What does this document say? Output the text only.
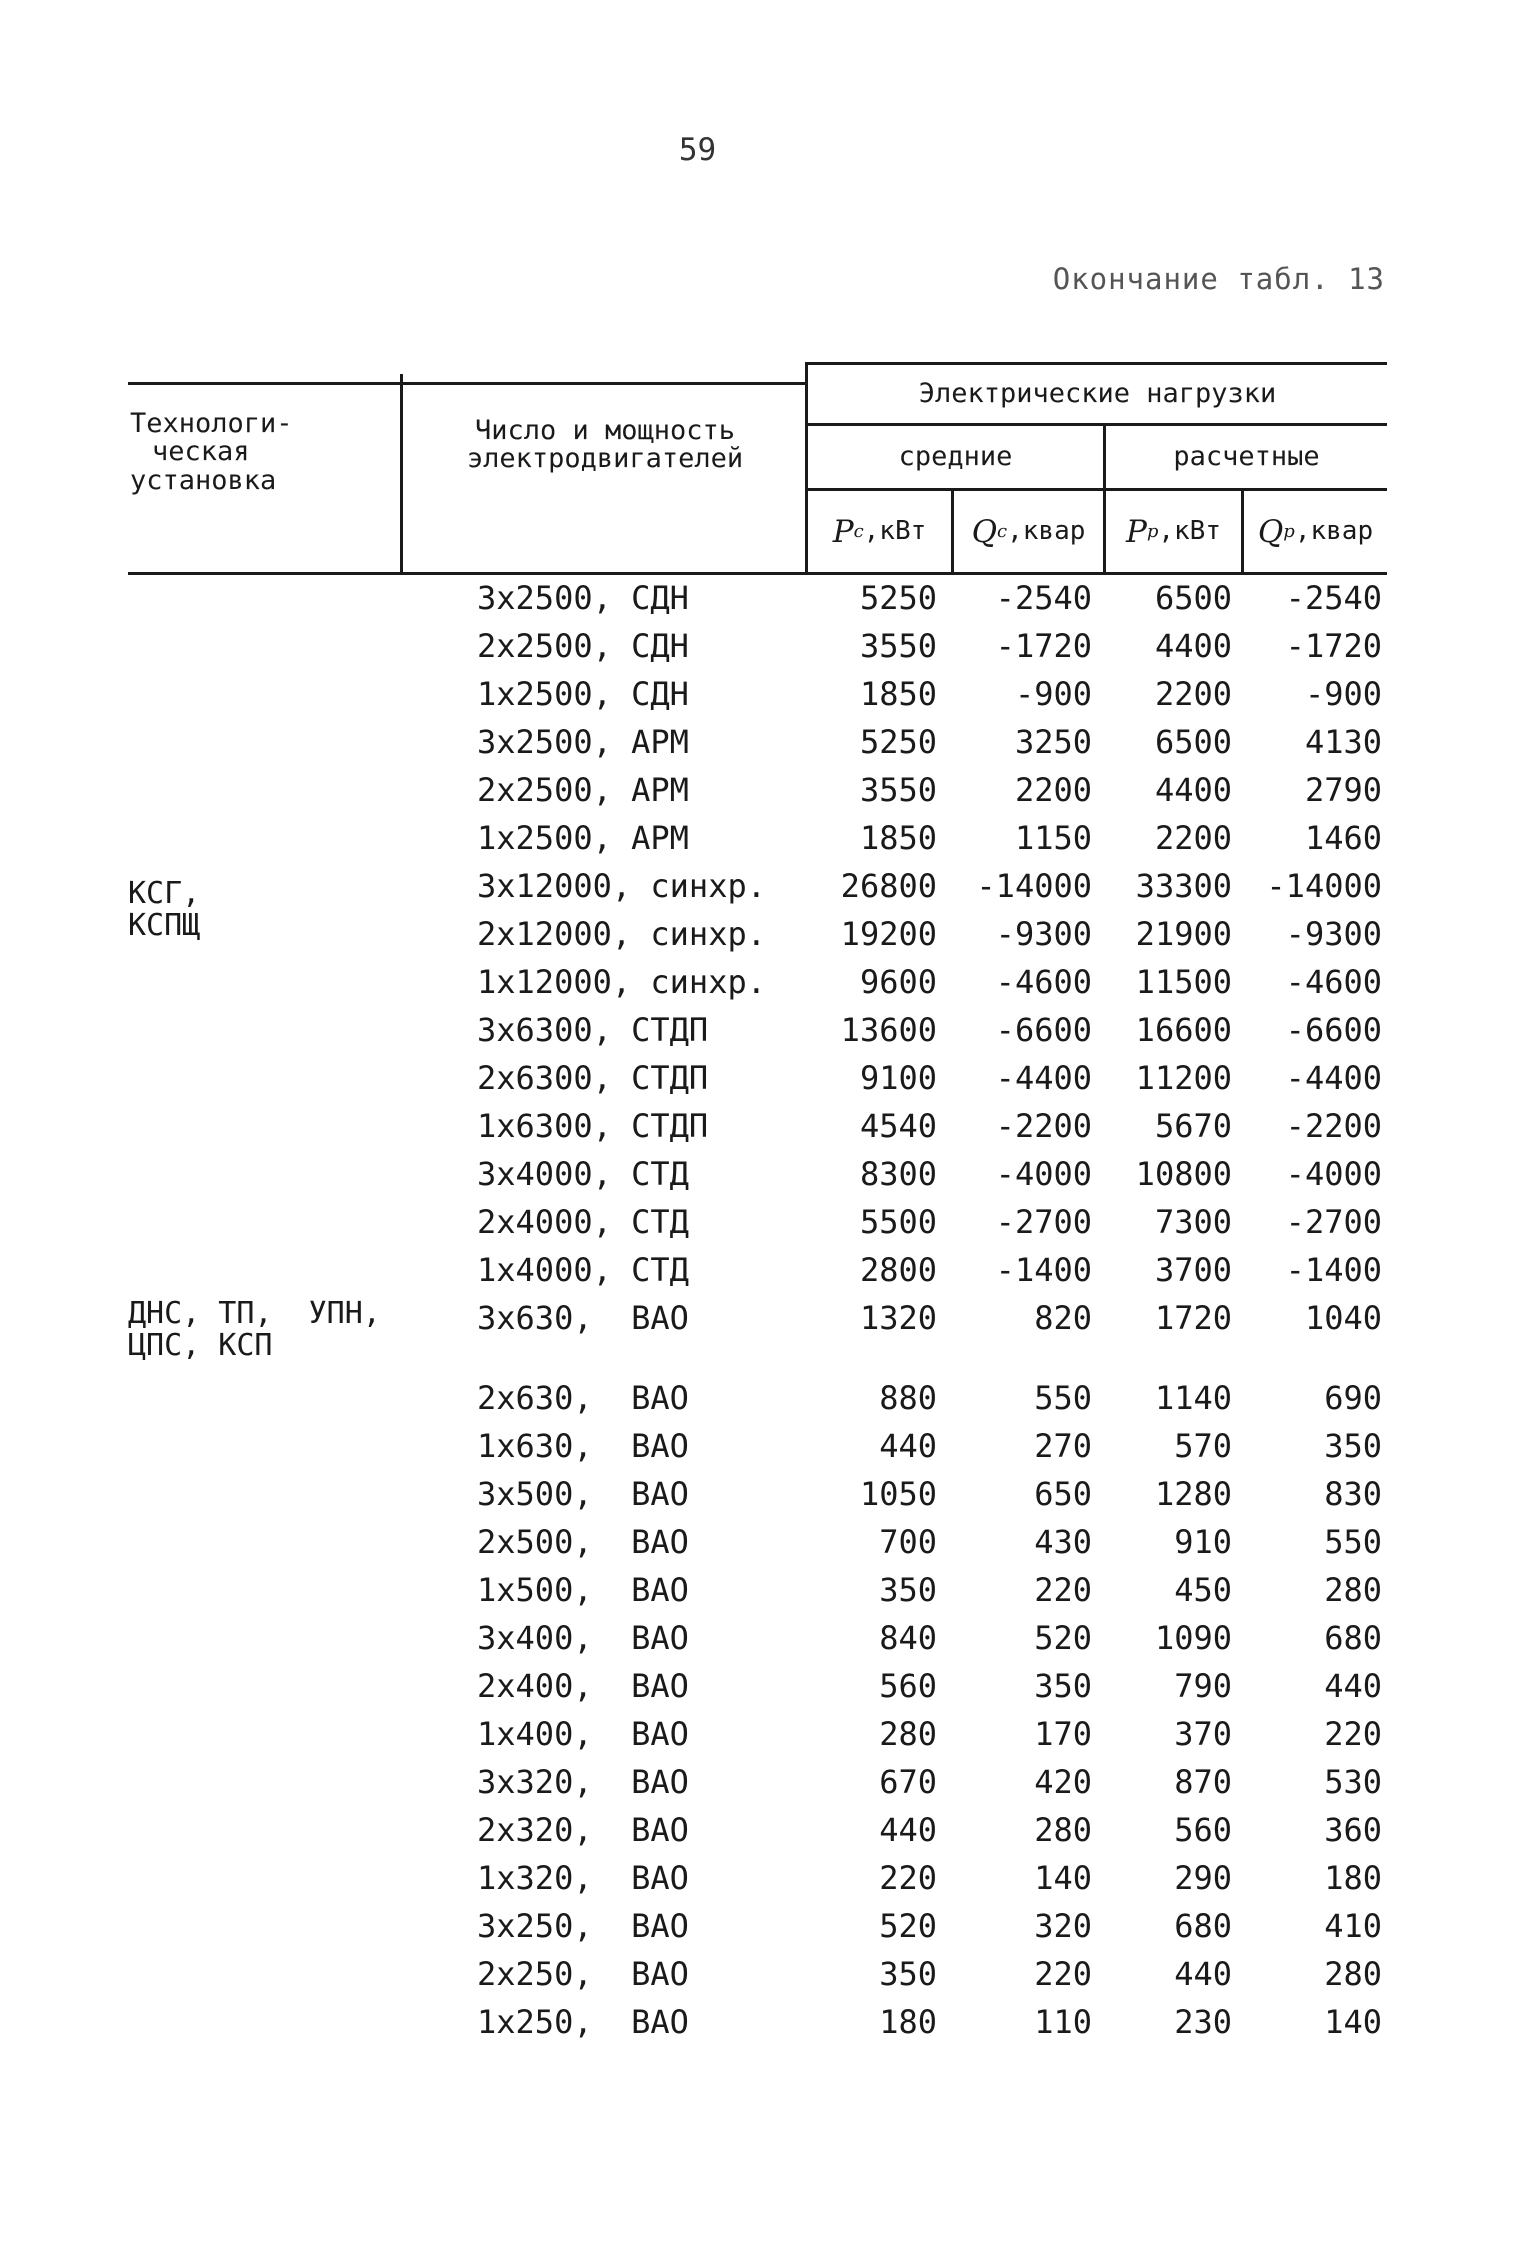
59
Окончание табл. 13
Технологи-
ческая
установка
Число и мощность
электродвигателей
Электрические нагрузки
средние	расчетные
P c ,кВт Q c ,квар P p ,кВт Q p ,квар
КСГ,
КСПЩ
ДНС, ТП,  УПН,
ЦПС, КСП
3x2500, СДН	5250 -2540 6500 -2540
2x2500, СДН	3550 -1720 4400 -1720
1x2500, СДН	1850 -900 2200 -900
3x2500, АРМ	5250 3250 6500 4130
2x2500, АРМ	3550 2200 4400 2790
1x2500, АРМ	1850 1150 2200 1460
3x12000, синхр. 26800 -14000 33300 -14000
2x12000, синхр. 19200 -9300 21900 -9300
1x12000, синхр.	9600 -4600 11500 -4600
3x6300, СТДП	13600 -6600 16600 -6600
2x6300, СТДП	9100 -4400 11200 -4400
1x6300, СТДП	4540 -2200 5670 -2200
3x4000, СТД	8300 -4000 10800 -4000
2x4000, СТД	5500 -2700 7300 -2700
1x4000, СТД	2800 -1400 3700 -1400
3x630,  ВАО	1320	820 1720 1040
2x630,  ВАО	880	550 1140	690
1x630,  ВАО	440	270	570	350
3x500,  ВАО	1050	650 1280	830
2x500,  ВАО	700	430	910	550
1x500,  ВАО	350	220	450	280
3x400,  ВАО	840	520 1090	680
2x400,  ВАО	560	350	790	440
1x400,  ВАО	280	170	370	220
3x320,  ВАО	670	420	870	530
2x320,  ВАО	440	280	560	360
1x320,  ВАО	220	140	290	180
3x250,  ВАО	520	320	680	410
2x250,  ВАО	350	220	440	280
1x250,  ВАО	180	110	230	140
